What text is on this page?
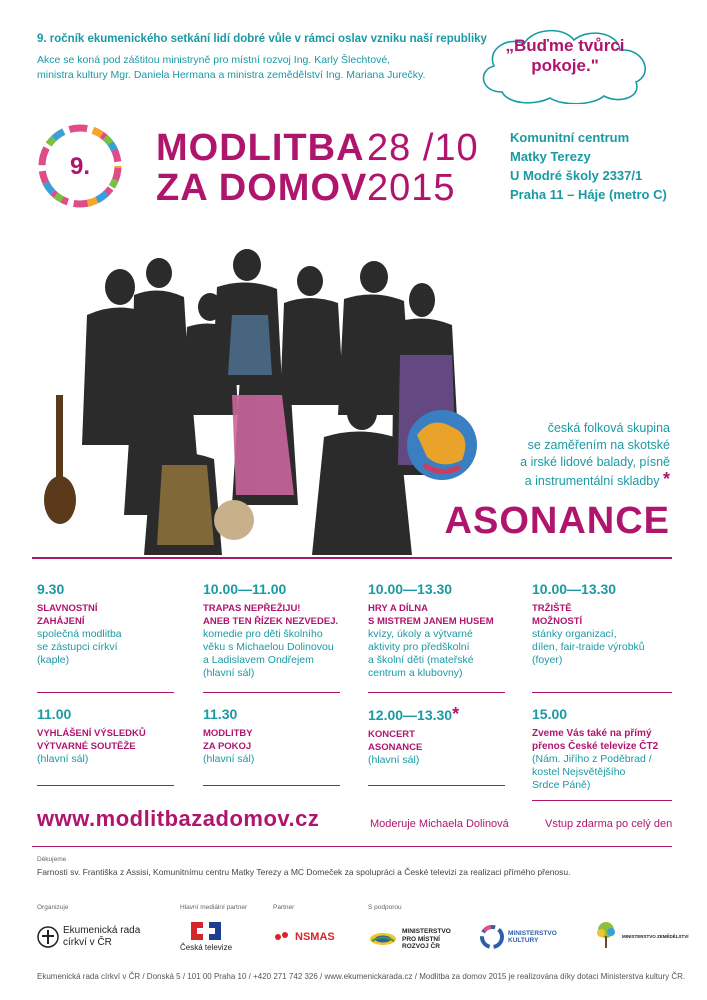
9. ročník ekumenického setkání lidí dobré vůle v rámci oslav vzniku naší republiky
Akce se koná pod záštitou ministryně pro místní rozvoj Ing. Karly Šlechtové,
ministra kultury Mgr. Daniela Hermana a ministra zemědělství Ing. Mariana Jurečky.
„Buďme tvůrci
pokoje."
9. MODLITBA
ZA DOMOV
28 /10
2015
Komunitní centrum
Matky Terezy
U Modré školy 2337/1
Praha 11 – Háje (metro C)
česká folková skupina
se zaměřením na skotské
a irské lidové balady, písně
a instrumentální skladby *
ASONANCE
9.30
SLAVNOSTNÍ
ZAHÁJENÍ
společná modlitba
se zástupci církví
(kaple)
10.00—11.00
TRAPAS NEPŘEŽIJU!
ANEB TEN ŘÍZEK NEZVEDEJ.
komedie pro děti školního
věku s Michaelou Dolinovou
a Ladislavem Ondřejem
(hlavní sál)
10.00—13.30
HRY A DÍLNA
S MISTREM JANEM HUSEM
kvízy, úkoly a výtvarné
aktivity pro předškolní
a školní děti (mateřské
centrum a klubovny)
10.00—13.30
TRŽIŠTĚ
MOŽNOSTÍ
stánky organizací,
dílen, fair-traide výrobků
(foyer)
11.00
VYHLÁŠENÍ VÝSLEDKŮ
VÝTVARNÉ SOUTĚŽE
(hlavní sál)
11.30
MODLITBY
ZA POKOJ
(hlavní sál)
12.00—13.30*
KONCERT
ASONANCE
(hlavní sál)
15.00
Zveme Vás také na přímý
přenos České televize ČT2
(Nám. Jiřího z Poděbrad /
kostel Nejsvětějšího
Srdce Páně)
www.modlitbazadomov.cz	Moderuje Michaela Dolinová	Vstup zdarma po celý den
Děkujeme
Farnosti sv. Františka z Assisi, Komunitnímu centru Matky Terezy a MC Domeček za spolupráci a České televizi za realizaci přímého přenosu.
Organizuje	Hlavní mediální partner	Partner	S podporou
Ekumenická rada
církví v ČR	Česká televize
NSMAS	MINISTERSTVO
PRO MÍSTNÍ
ROZVOJ ČR
MINISTERSTVO
KULTURY
MINISTERSTVO ZEMĚDĚLSTVÍ
Ekumenická rada církví v ČR / Donská 5 / 101 00 Praha 10 / +420 271 742 326 / www.ekumenickarada.cz / Modlitba za domov 2015 je realizována díky dotaci Ministerstva kultury ČR.
